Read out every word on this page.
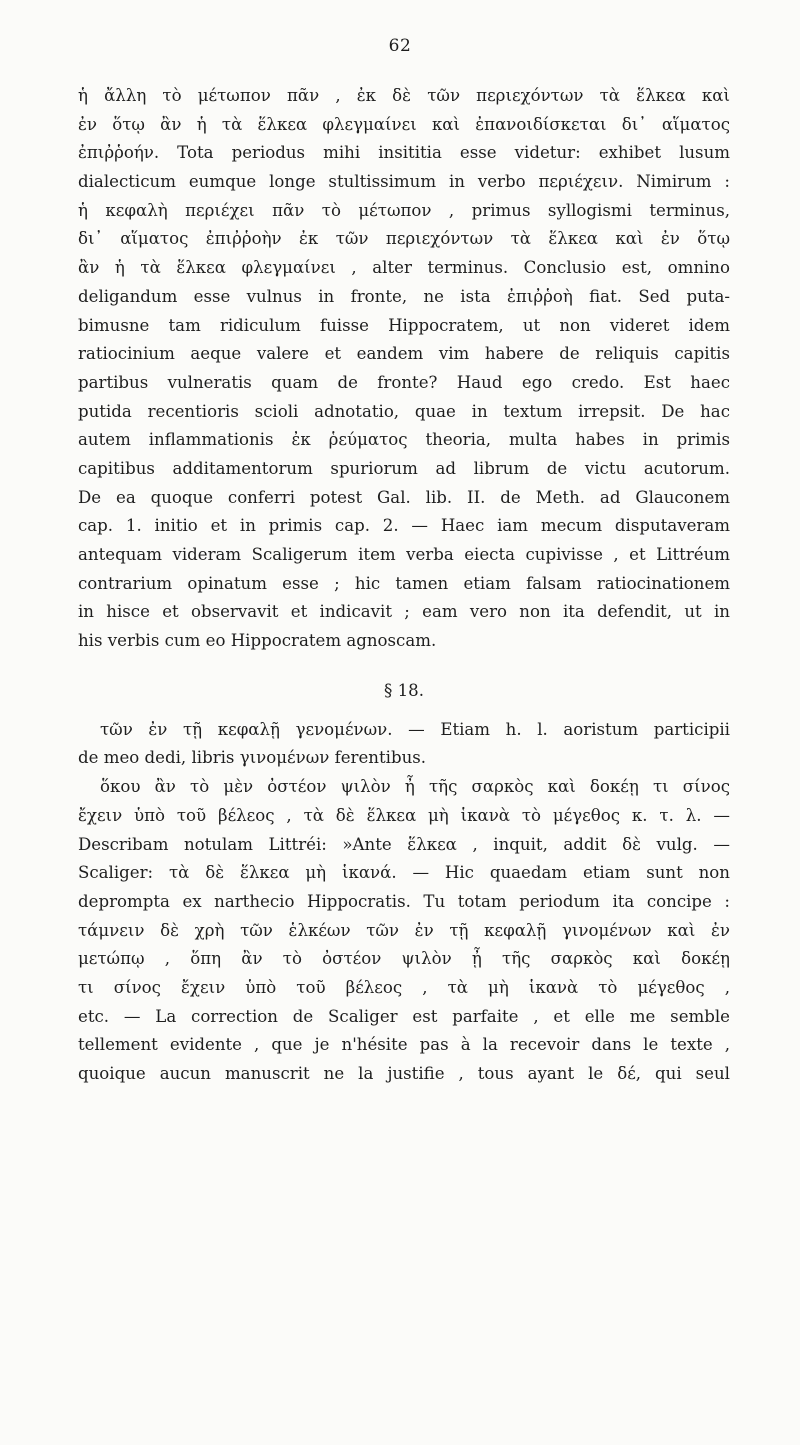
62
ἡ ἄλλη τὸ μέτωπον πᾶν , ἐκ δὲ τῶν περιεχόντων τὰ ἕλκεα καὶ
ἐν ὅτῳ ἂν ἡ τὰ ἕλκεα φλεγμαίνει καὶ ἐπανοιδίσκεται δι᾽ αἵματος
ἐπιῤῥοήν. Tota periodus mihi insititia esse videtur: exhibet lusum
dialecticum eumque longe stultissimum in verbo περιέχειν. Nimirum :
ἡ κεφαλὴ περιέχει πᾶν τὸ μέτωπον , primus syllogismi terminus,
δι᾽ αἵματος ἐπιῤῥοὴν ἐκ τῶν περιεχόντων τὰ ἕλκεα καὶ ἐν ὅτῳ
ἂν ἡ τὰ ἕλκεα φλεγμαίνει , alter terminus. Conclusio est, omnino
deligandum esse vulnus in fronte, ne ista ἐπιῤῥοὴ fiat. Sed puta-
bimusne tam ridiculum fuisse Hippocratem, ut non videret idem
ratiocinium aeque valere et eandem vim habere de reliquis capitis
partibus vulneratis quam de fronte? Haud ego credo. Est haec
putida recentioris scioli adnotatio, quae in textum irrepsit. De hac
autem inflammationis ἐκ ῥεύματος theoria, multa habes in primis
capitibus additamentorum spuriorum ad librum de victu acutorum.
De ea quoque conferri potest Gal. lib. II. de Meth. ad Glauconem
cap. 1. initio et in primis cap. 2. — Haec iam mecum disputaveram
antequam videram Scaligerum item verba eiecta cupivisse , et Littréum
contrarium opinatum esse ; hic tamen etiam falsam ratiocinationem
in hisce et observavit et indicavit ; eam vero non ita defendit, ut in
his verbis cum eo Hippocratem agnoscam.
§ 18.
τῶν ἐν τῇ κεφαλῇ γενομένων. — Etiam h. l. aoristum participii
de meo dedi, libris γινομένων ferentibus.
ὅκου ἂν τὸ μὲν ὀστέον ψιλὸν ἦ τῆς σαρκὸς καὶ δοκέῃ τι σίνος
ἔχειν ὑπὸ τοῦ βέλεος , τὰ δὲ ἕλκεα μὴ ἱκανὰ τὸ μέγεθος κ. τ. λ. —
Describam notulam Littréi: »Ante ἕλκεα , inquit, addit δὲ vulg. —
Scaliger: τὰ δὲ ἕλκεα μὴ ἱκανά. — Hic quaedam etiam sunt non
deprompta ex narthecio Hippocratis. Tu totam periodum ita concipe :
τάμνειν δὲ χρὴ τῶν ἑλκέων τῶν ἐν τῇ κεφαλῇ γινομένων καὶ ἐν
μετώπῳ , ὅπη ἂν τὸ ὀστέον ψιλὸν ᾖ τῆς σαρκὸς καὶ δοκέῃ
τι σίνος ἔχειν ὑπὸ τοῦ βέλεος , τὰ μὴ ἱκανὰ τὸ μέγεθος ,
etc. — La correction de Scaliger est parfaite , et elle me semble
tellement evidente , que je n'hésite pas à la recevoir dans le texte ,
quoique aucun manuscrit ne la justifie , tous ayant le δέ, qui seul
